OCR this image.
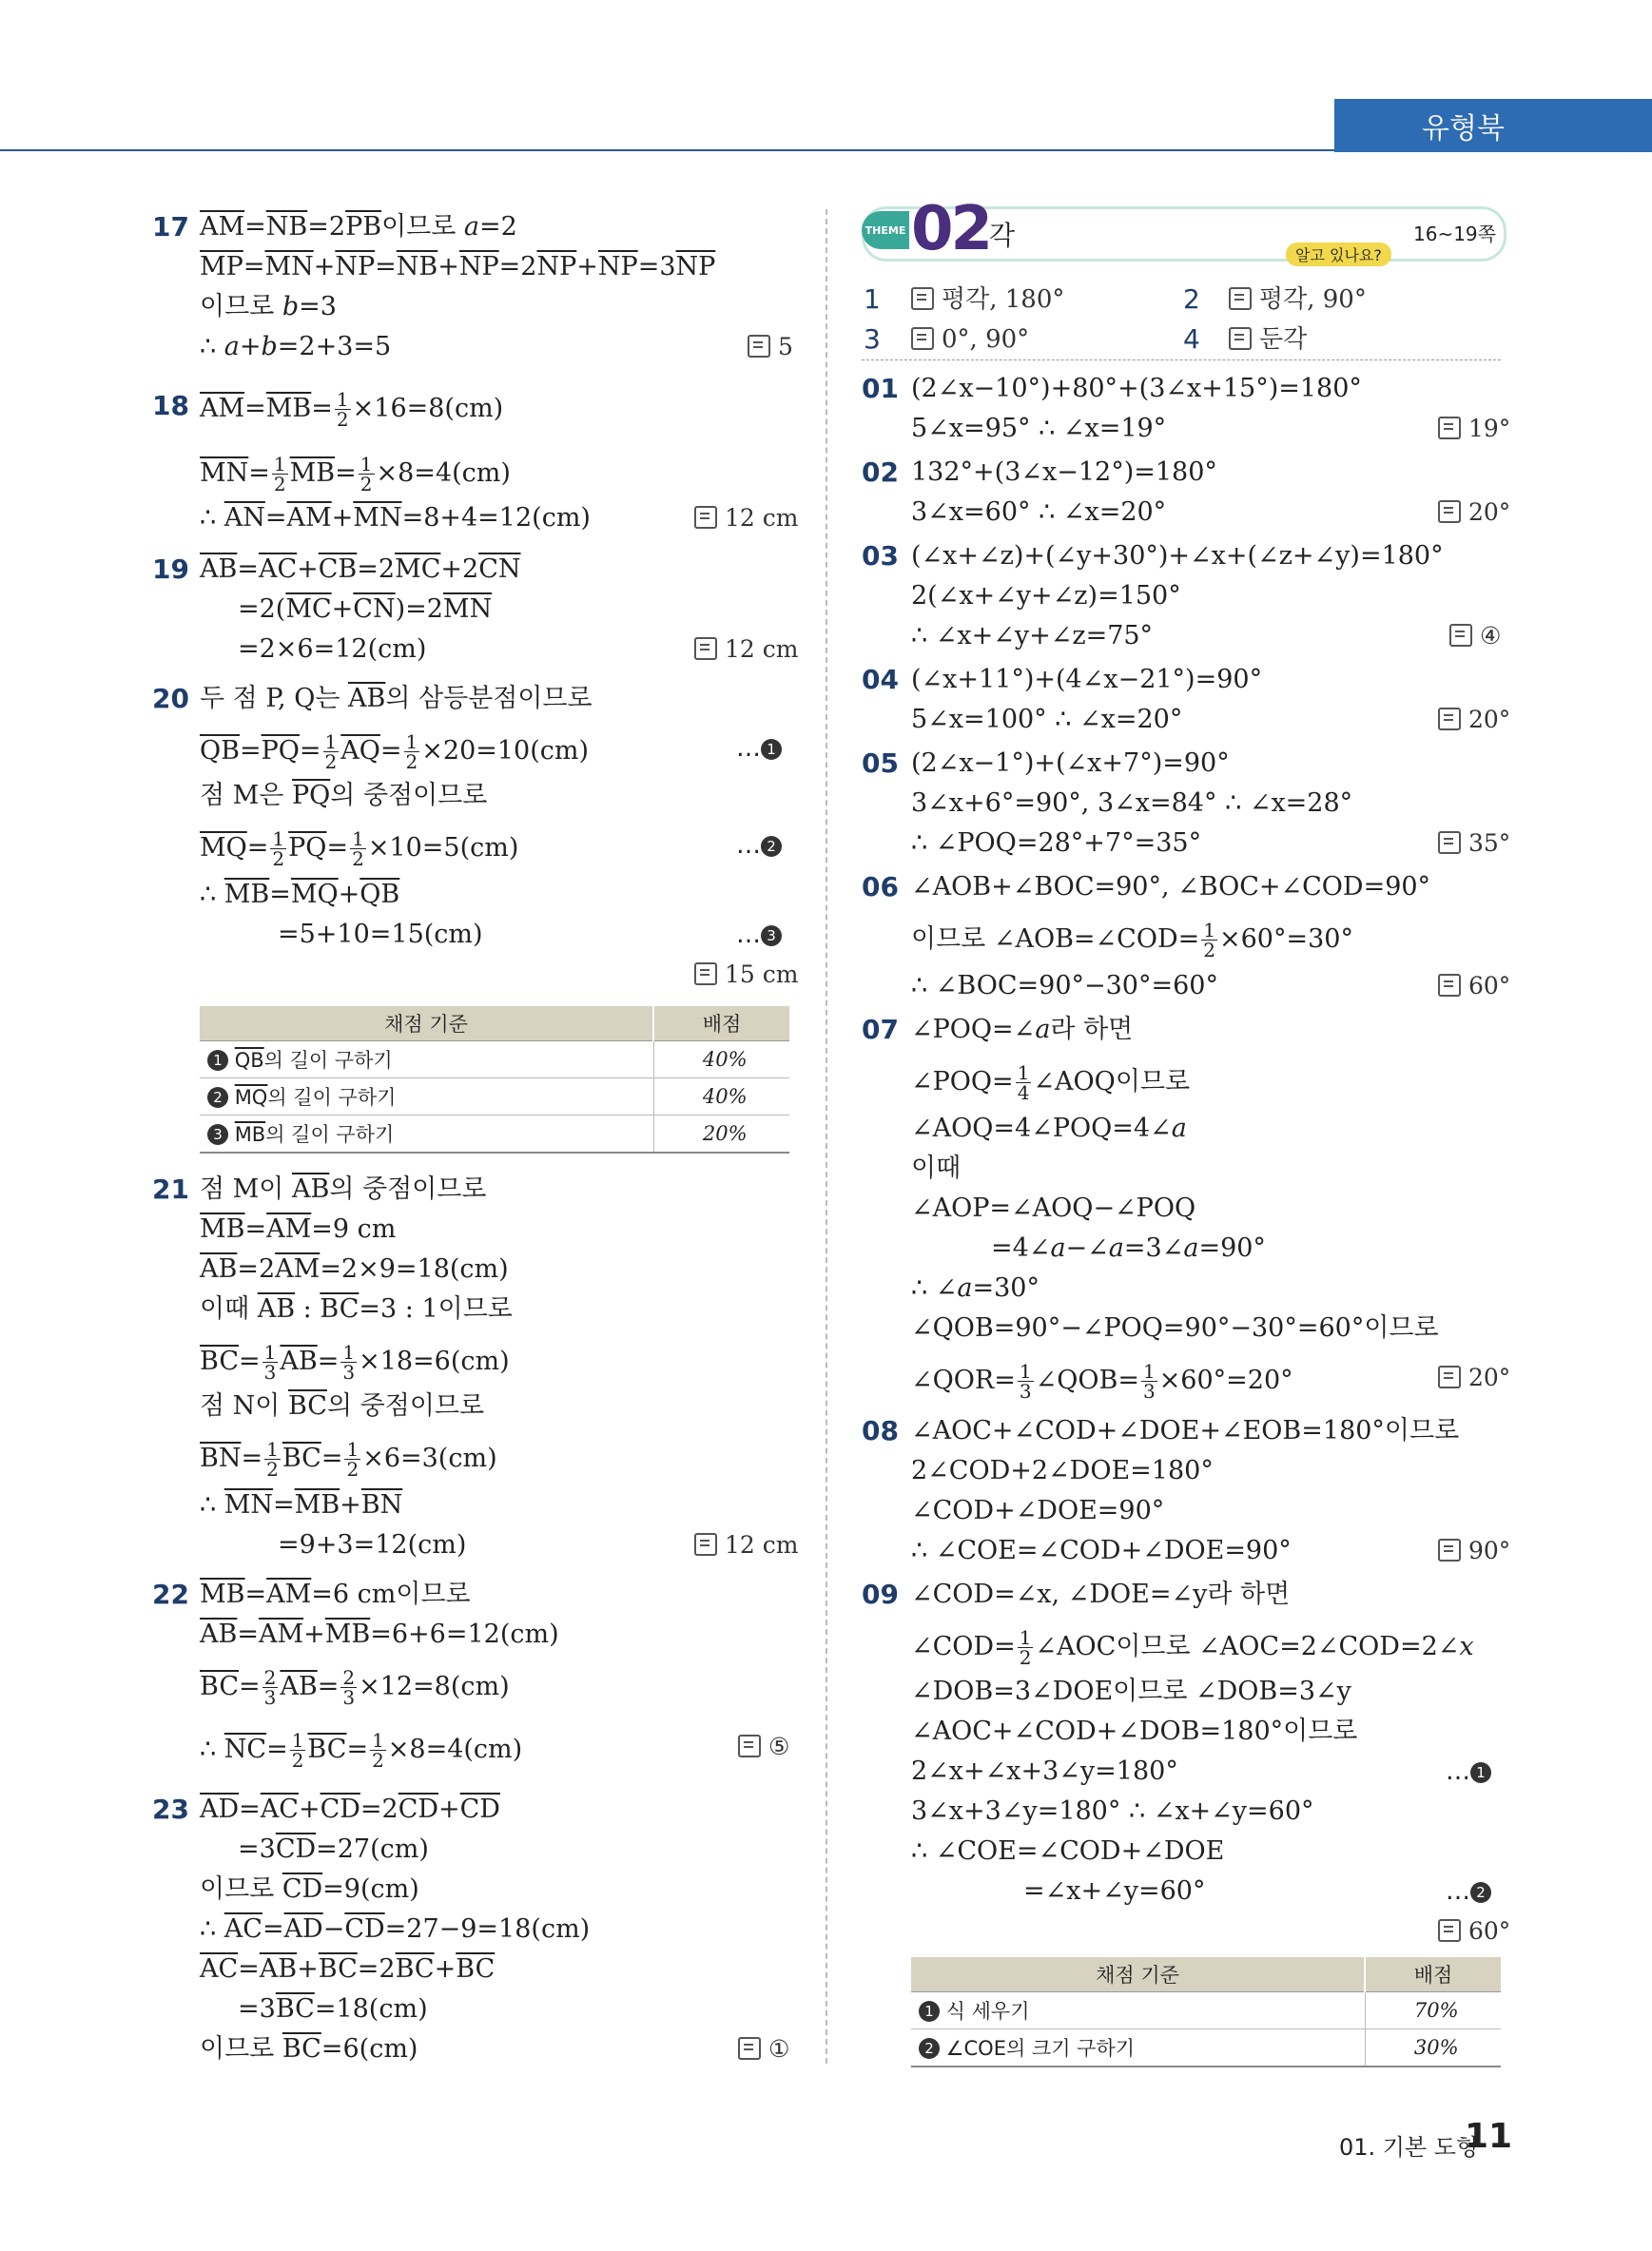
유형북
17 $\overline{AM}=\overline{NB}=2\overline{PB}$이므로 a=2
$\overline{MP}=\overline{MN}+\overline{NP}=\overline{NB}+\overline{NP}=2\overline{NP}+\overline{NP}=3\overline{NP}$
이므로 b=3
∴ a+b=2+3=5	5
18 $\overline{AM}=\overline{MB}= \frac{1}{2} \times 16=8(cm)$
$\overline{MN}= \frac{1}{2} \overline{MB}= \frac{1}{2} \times 8=4(cm)$
∴ $\overline{AN}=\overline{AM}+\overline{MN}=8+4=12(cm)$	12 cm
19 $\overline{AB}=\overline{AC}+\overline{CB}=2\overline{MC}+2\overline{CN}$
$=2(\overline{MC}+\overline{CN})=2\overline{MN}$
=2×6=12(cm)	12 cm
20 두 점 P, Q는 $\overline{AB}$의 삼등분점이므로
$\overline{QB}=\overline{PQ}= \frac{1}{2} \overline{AQ}= \frac{1}{2} \times 20=10(cm)$	… 1
점 M은 $\overline{PQ}$의 중점이므로
$\overline{MQ}= \frac{1}{2} \overline{PQ}= \frac{1}{2} \times 10=5(cm)$	… 2
∴ $\overline{MB}=\overline{MQ}+\overline{QB}$
=5+10=15(cm)	… 3
15 cm
채점 기준	배점
1 $\overline{QB}$의 길이 구하기	40%
2 $\overline{MQ}$의 길이 구하기	40%
3 $\overline{MB}$의 길이 구하기	20%
21 점 M이 $\overline{AB}$의 중점이므로
$\overline{MB}=\overline{AM}=9$ cm
$\overline{AB}=2\overline{AM}=2\times 9=18(cm)$
이때 $\overline{AB}$ : $\overline{BC}=3$ : 1이므로
$\overline{BC}= \frac{1}{3} \overline{AB}= \frac{1}{3} \times 18=6(cm)$
점 N이 $\overline{BC}$의 중점이므로
$\overline{BN}= \frac{1}{2} \overline{BC}= \frac{1}{2} \times 6=3(cm)$
∴ $\overline{MN}=\overline{MB}+\overline{BN}$
=9+3=12(cm)	12 cm
22 $\overline{MB}=\overline{AM}=6$ cm이므로
$\overline{AB}=\overline{AM}+\overline{MB}=6+6=12(cm)$
$\overline{BC}= \frac{2}{3} \overline{AB}= \frac{2}{3} \times 12=8(cm)$
∴ $\overline{NC}= \frac{1}{2} \overline{BC}= \frac{1}{2} \times 8=4(cm)$	⑤
23 $\overline{AD}=\overline{AC}+\overline{CD}=2\overline{CD}+\overline{CD}$
$=3\overline{CD}=27(cm)$
이므로 $\overline{CD}=9(cm)$
∴ $\overline{AC}=\overline{AD}-\overline{CD}=27-9=18(cm)$
$\overline{AC}=\overline{AB}+\overline{BC}=2\overline{BC}+\overline{BC}$
$=3\overline{BC}=18(cm)$
이므로 $\overline{BC}=6(cm)$	①
THEME 02
각	16~19쪽
알고 있나요?
1	평각, 180°	2	평각, 90°
3	0°, 90°	4	둔각
01 (2∠x−10°)+80°+(3∠x+15°)=180°
5∠x=95° ∴ ∠x=19°	19°
02 132°+(3∠x−12°)=180°
3∠x=60° ∴ ∠x=20°	20°
03 (∠x+∠z)+(∠y+30°)+∠x+(∠z+∠y)=180°
2(∠x+∠y+∠z)=150°
∴ ∠x+∠y+∠z=75°	④
04 (∠x+11°)+(4∠x−21°)=90°
5∠x=100° ∴ ∠x=20°	20°
05 (2∠x−1°)+(∠x+7°)=90°
3∠x+6°=90°, 3∠x=84° ∴ ∠x=28°
∴ ∠POQ=28°+7°=35°	35°
06 ∠AOB+∠BOC=90°, ∠BOC+∠COD=90°
이므로 ∠AOB=∠COD= $\frac{1}{2} \times 60^\circ=30^\circ$
∴ ∠BOC=90°−30°=60°	60°
07 ∠POQ=∠a라 하면
∠POQ= $\frac{1}{4}$ ∠AOQ이므로
∠AOQ=4∠POQ=4∠a
이때
∠AOP=∠AOQ−∠POQ
=4∠a−∠a=3∠a=90°
∴ ∠a=30°
∠QOB=90°−∠POQ=90°−30°=60°이므로
∠QOR= $\frac{1}{3}$ ∠QOB= $\frac{1}{3} \times 60^\circ=20^\circ$	20°
08 ∠AOC+∠COD+∠DOE+∠EOB=180°이므로
2∠COD+2∠DOE=180°
∠COD+∠DOE=90°
∴ ∠COE=∠COD+∠DOE=90°	90°
09 ∠COD=∠x, ∠DOE=∠y라 하면
∠COD= $\frac{1}{2}$ ∠AOC이므로 ∠AOC=2∠COD=2∠x
∠DOB=3∠DOE이므로 ∠DOB=3∠y
∠AOC+∠COD+∠DOB=180°이므로
2∠x+∠x+3∠y=180°	… 1
3∠x+3∠y=180° ∴ ∠x+∠y=60°
∴ ∠COE=∠COD+∠DOE
=∠x+∠y=60°	… 2
60°
채점 기준	배점
1 식 세우기	70%
2 ∠COE의 크기 구하기	30%
01. 기본 도형
11
